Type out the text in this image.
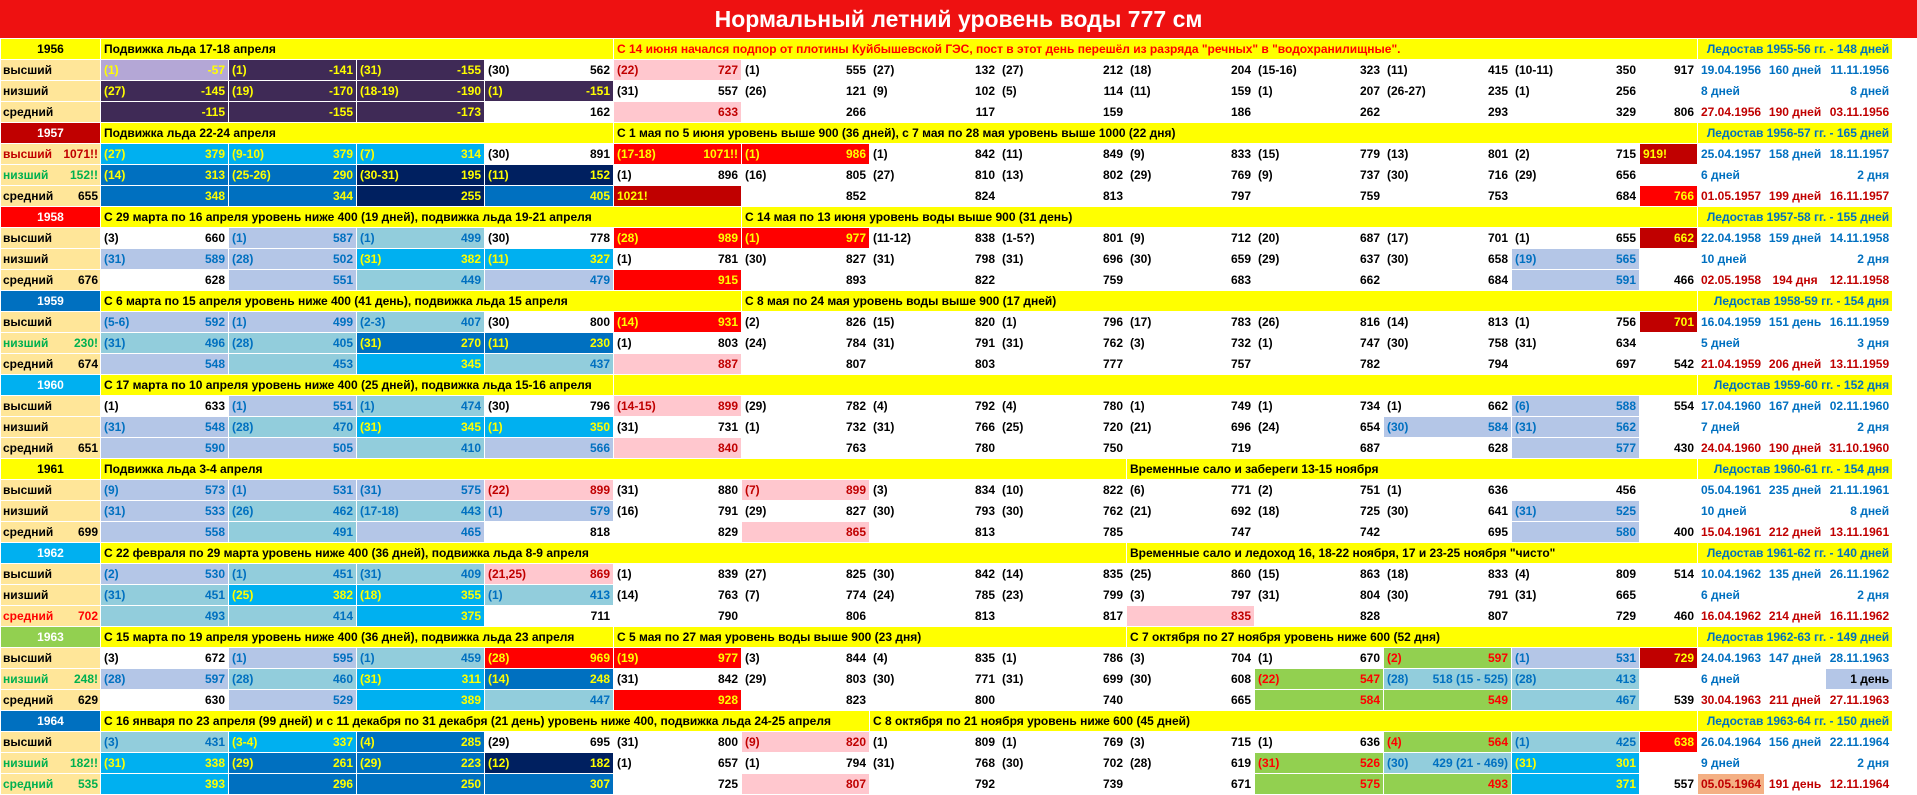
Нормальный летний уровень воды 777 см
1956	Подвижка льда 17-18 апреля				С 14 июня начался подпор от плотины Куйбышевской ГЭС, пост в этот день перешёл из разряда "речных" в "водохранилищные".									Ледостав 1955-56 гг. - 148 дней		

высший	(1) -57	(1) -141	(31) -155	(30) 562	(22) 727	(1) 555	(27) 132	(27) 212	(18) 204	(15-16) 323	(11) 415	(10-11) 350	917	19.04.1956	160 дней	11.11.1956

низший	(27) -145	(19) -170	(18-19) -190	(1) -151	(31) 557	(26) 121	(9) 102	(5) 114	(11) 159	(1) 207	(26-27) 235	(1) 256		8 дней		8 дней

средний	-115	-155	-173	162	633	266	117	159	186	262	293	329	806	27.04.1956	190 дней	03.11.1956
1957	Подвижка льда 22-24 апреля				С 1 мая по 5 июня уровень выше 900 (36 дней), с 7 мая по 28 мая уровень выше 1000 (22 дня)									Ледостав 1956-57 гг. - 165 дней		

высший 1071!!	(27) 379	(9-10) 379	(7) 314	(30) 891	(17-18) 1071!!	(1) 986	(1) 842	(11) 849	(9) 833	(15) 779	(13) 801	(2) 715	919!	25.04.1957	158 дней	18.11.1957

низший 152!!	(14) 313	(25-26) 290	(30-31) 195	(11) 152	(1) 896	(16) 805	(27) 810	(13) 802	(29) 769	(9) 737	(30) 716	(29) 656		6 дней		2 дня

средний 655	348	344	255	405	1021!	852	824	813	797	759	753	684	766	01.05.1957	199 дней	16.11.1957
1958	С 29 марта по 16 апреля уровень ниже 400 (19 дней), подвижка льда 19-21 апреля					С 14 мая по 13 июня уровень воды выше 900 (31 день)								Ледостав 1957-58 гг. - 155 дней		

высший	(3) 660	(1) 587	(1) 499	(30) 778	(28) 989	(1) 977	(11-12) 838	(1-5?) 801	(9) 712	(20) 687	(17) 701	(1) 655	662	22.04.1958	159 дней	14.11.1958

низший	(31) 589	(28) 502	(31) 382	(11) 327	(1) 781	(30) 827	(31) 798	(31) 696	(30) 659	(29) 637	(30) 658	(19) 565		10 дней		2 дня

средний 676	628	551	449	479	915	893	822	759	683	662	684	591	466	02.05.1958	194 дня	12.11.1958
1959	С 6 марта по 15 апреля уровень ниже 400 (41 день), подвижка льда 15 апреля					С 8 мая по 24 мая уровень воды выше 900 (17 дней)								Ледостав 1958-59 гг. - 154 дня		

высший	(5-6) 592	(1) 499	(2-3) 407	(30) 800	(14) 931	(2) 826	(15) 820	(1) 796	(17) 783	(26) 816	(14) 813	(1) 756	701	16.04.1959	151 день	16.11.1959

низший 230!	(31) 496	(28) 405	(31) 270	(11) 230	(1) 803	(24) 784	(31) 791	(31) 762	(3) 732	(1) 747	(30) 758	(31) 634		5 дней		3 дня

средний 674	548	453	345	437	887	807	803	777	757	782	794	697	542	21.04.1959	206 дней	13.11.1959
1960	С 17 марта по 10 апреля уровень ниже 400 (25 дней), подвижка льда 15-16 апреля													Ледостав 1959-60 гг. - 152 дня		

высший	(1) 633	(1) 551	(1) 474	(30) 796	(14-15) 899	(29) 782	(4) 792	(4) 780	(1) 749	(1) 734	(1) 662	(6) 588	554	17.04.1960	167 дней	02.11.1960

низший	(31) 548	(28) 470	(31) 345	(1) 350	(31) 731	(1) 732	(31) 766	(25) 720	(21) 696	(24) 654	(30) 584	(31) 562		7 дней		2 дня

средний 651	590	505	410	566	840	763	780	750	719	687	628	577	430	24.04.1960	190 дней	31.10.1960
1961	Подвижка льда 3-4 апреля								Временные сало и забереги 13-15 ноября					Ледостав 1960-61 гг. - 154 дня		

высший	(9) 573	(1) 531	(31) 575	(22) 899	(31) 880	(7) 899	(3) 834	(10) 822	(6) 771	(2) 751	(1) 636	456		05.04.1961	235 дней	21.11.1961

низший	(31) 533	(26) 462	(17-18) 443	(1) 579	(16) 791	(29) 827	(30) 793	(30) 762	(21) 692	(18) 725	(30) 641	(31) 525		10 дней		8 дней

средний 699	558	491	465	818	829	865	813	785	747	742	695	580	400	15.04.1961	212 дней	13.11.1961
1962	С 22 февраля по 29 марта уровень ниже 400 (36 дней), подвижка льда 8-9 апреля								Временные сало и ледоход 16, 18-22 ноября, 17 и 23-25 ноября "чисто"					Ледостав 1961-62 гг. - 140 дней		

высший	(2) 530	(1) 451	(31) 409	(21,25) 869	(1) 839	(27) 825	(30) 842	(14) 835	(25) 860	(15) 863	(18) 833	(4) 809	514	10.04.1962	135 дней	26.11.1962

низший	(31) 451	(25) 382	(18) 355	(1) 413	(14) 763	(7) 774	(24) 785	(23) 799	(3) 797	(31) 804	(30) 791	(31) 665		6 дней		2 дня

средний 702	493	414	375	711	790	806	813	817	835	828	807	729	460	16.04.1962	214 дней	16.11.1962
1963	С 15 марта по 19 апреля уровень ниже 400 (36 дней), подвижка льда 23 апреля				С 5 мая по 27 мая уровень воды выше 900 (23 дня)				С 7 октября по 27 ноября уровень ниже 600 (52 дня)					Ледостав 1962-63 гг. - 149 дней		

высший	(3) 672	(1) 595	(1) 459	(28) 969	(19) 977	(3) 844	(4) 835	(1) 786	(3) 704	(1) 670	(2) 597	(1) 531	729	24.04.1963	147 дней	28.11.1963

низший 248!	(28) 597	(28) 460	(31) 311	(14) 248	(31) 842	(29) 803	(30) 771	(31) 699	(30) 608	(22) 547	(28) 518 (15 - 525)	(28) 413		6 дней		1 день

средний 629	630	529	389	447	928	823	800	740	665	584	549	467	539	30.04.1963	211 дней	27.11.1963
1964	С 16 января по 23 апреля (99 дней) и с 11 декабря по 31 декабря (21 день) уровень ниже 400, подвижка льда 24-25 апреля						С 8 октября по 21 ноября уровень ниже 600 (45 дней)							Ледостав 1963-64 гг. - 150 дней		

высший	(3) 431	(3-4) 337	(4) 285	(29) 695	(31) 800	(9) 820	(1) 809	(1) 769	(3) 715	(1) 636	(4) 564	(1) 425	638	26.04.1964	156 дней	22.11.1964

низший 182!!	(31) 338	(29) 261	(29) 223	(12) 182	(1) 657	(1) 794	(31) 768	(30) 702	(28) 619	(31) 526	(30) 429 (21 - 469)	(31) 301		9 дней		2 дня

средний 535	393	296	250	307	725	807	792	739	671	575	493	371	557	05.05.1964	191 день	12.11.1964
